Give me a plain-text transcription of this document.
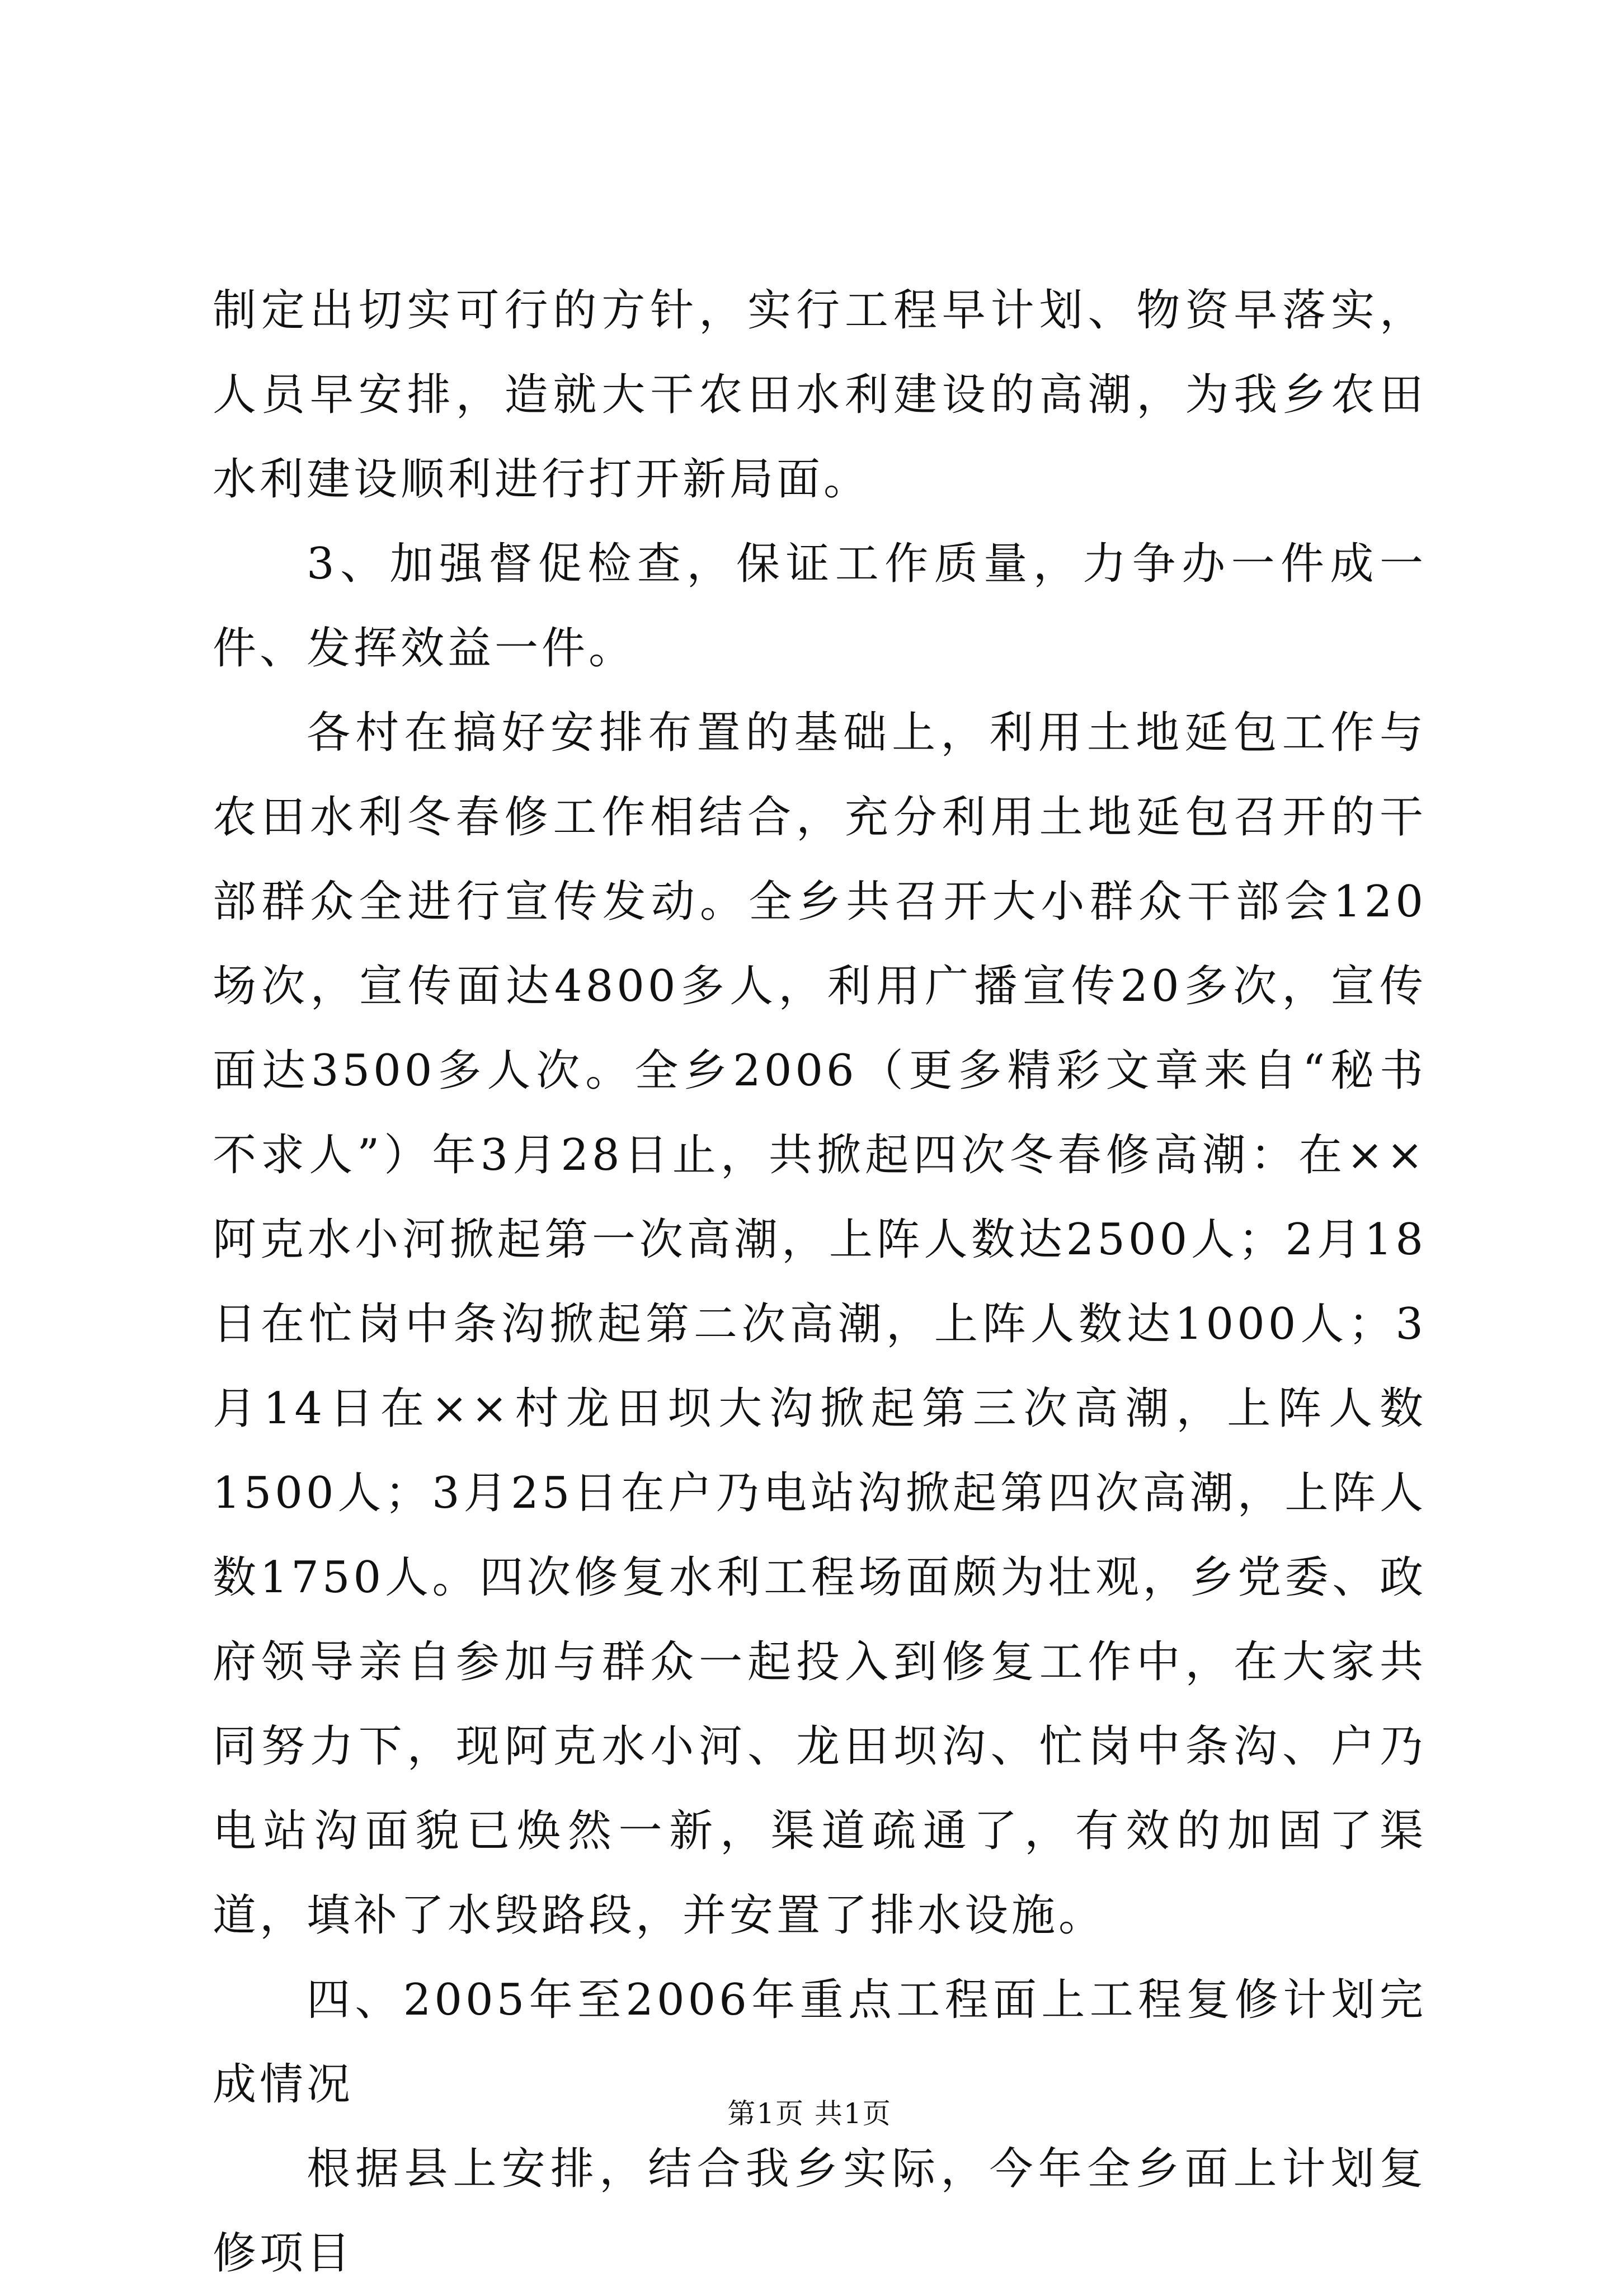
制定出切实可行的方针，实行工程早计划、物资早落实，人员早安排，造就大干农田水利建设的高潮，为我乡农田水利建设顺利进行打开新局面。

3、加强督促检查，保证工作质量，力争办一件成一件、发挥效益一件。

各村在搞好安排布置的基础上，利用土地延包工作与农田水利冬春修工作相结合，充分利用土地延包召开的干部群众全进行宣传发动。全乡共召开大小群众干部会120场次，宣传面达4800多人，利用广播宣传20多次，宣传面达3500多人次。全乡2006（更多精彩文章来自“秘书不求人”）年3月28日止，共掀起四次冬春修高潮：在××阿克水小河掀起第一次高潮，上阵人数达2500人；2月18日在忙岗中条沟掀起第二次高潮，上阵人数达1000人；3月14日在××村龙田坝大沟掀起第三次高潮，上阵人数1500人；3月25日在户乃电站沟掀起第四次高潮，上阵人数1750人。四次修复水利工程场面颇为壮观，乡党委、政府领导亲自参加与群众一起投入到修复工作中，在大家共同努力下，现阿克水小河、龙田坝沟、忙岗中条沟、户乃电站沟面貌已焕然一新，渠道疏通了，有效的加固了渠道，填补了水毁路段，并安置了排水设施。

四、2005年至2006年重点工程面上工程复修计划完成情况

根据县上安排，结合我乡实际，今年全乡面上计划复修项目

第1页 共1页
